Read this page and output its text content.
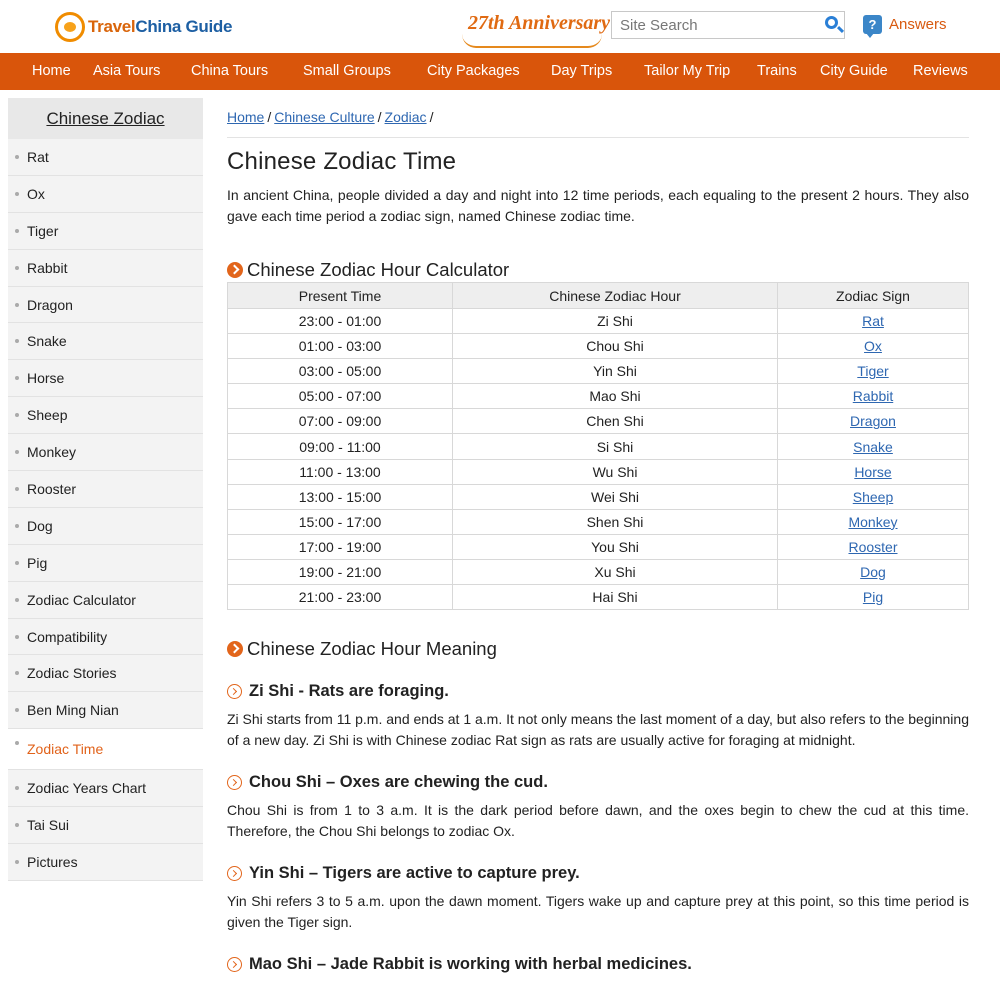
TravelChina Guide	27th Anniversary
Site Search	? Answers
Home Asia Tours China Tours Small Groups City Packages Day Trips Tailor My Trip Trains City Guide Reviews
Chinese Zodiac
Rat
Ox
Tiger
Rabbit
Dragon
Snake
Horse
Sheep
Monkey
Rooster
Dog
Pig
Zodiac Calculator
Compatibility
Zodiac Stories
Ben Ming Nian
Zodiac Time
Zodiac Years Chart
Tai Sui
Pictures
Home / Chinese Culture / Zodiac /
Chinese Zodiac Time

In ancient China, people divided a day and night into 12 time periods, each equaling to the present 2 hours. They also gave each time period a zodiac sign, named Chinese zodiac time.

Chinese Zodiac Hour Calculator
Present Time	Chinese Zodiac Hour	Zodiac Sign
23:00 - 01:00	Zi Shi	Rat
01:00 - 03:00	Chou Shi	Ox
03:00 - 05:00	Yin Shi	Tiger
05:00 - 07:00	Mao Shi	Rabbit
07:00 - 09:00	Chen Shi	Dragon
09:00 - 11:00	Si Shi	Snake
11:00 - 13:00	Wu Shi	Horse
13:00 - 15:00	Wei Shi	Sheep
15:00 - 17:00	Shen Shi	Monkey
17:00 - 19:00	You Shi	Rooster
19:00 - 21:00	Xu Shi	Dog
21:00 - 23:00	Hai Shi	Pig
Chinese Zodiac Hour Meaning
Zi Shi - Rats are foraging.

Zi Shi starts from 11 p.m. and ends at 1 a.m. It not only means the last moment of a day, but also refers to the beginning of a new day. Zi Shi is with Chinese zodiac Rat sign as rats are usually active for foraging at midnight.

Chou Shi – Oxes are chewing the cud.

Chou Shi is from 1 to 3 a.m. It is the dark period before dawn, and the oxes begin to chew the cud at this time. Therefore, the Chou Shi belongs to zodiac Ox.

Yin Shi – Tigers are active to capture prey.

Yin Shi refers 3 to 5 a.m. upon the dawn moment. Tigers wake up and capture prey at this point, so this time period is given the Tiger sign.

Mao Shi – Jade Rabbit is working with herbal medicines.
